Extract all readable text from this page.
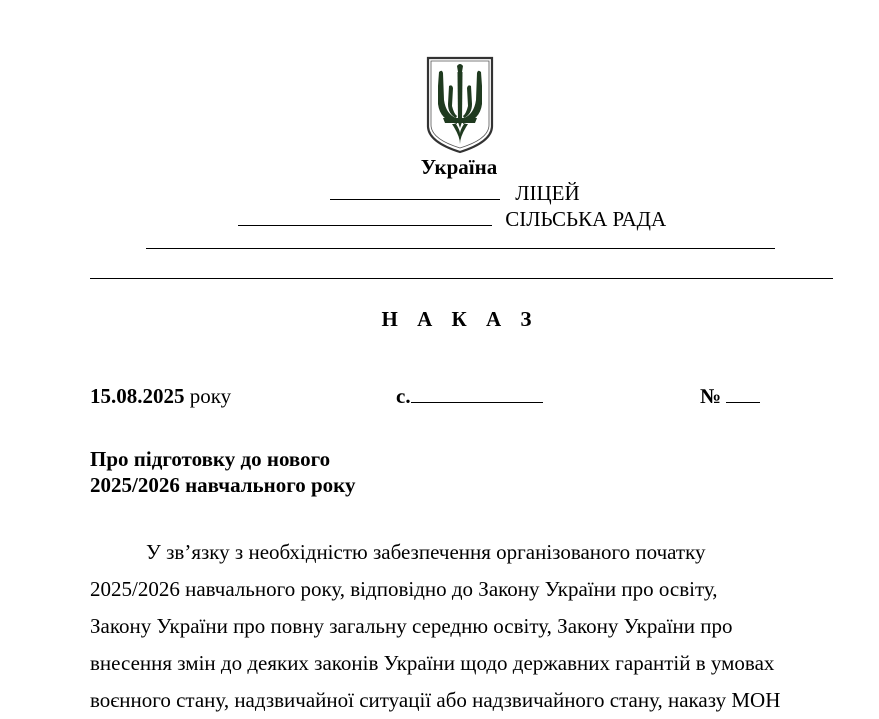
Україна
ЛІЦЕЙ
СІЛЬСЬКА РАДА
Н А К А З
15.08.2025 року	с.	№
Про підготовку до нового
2025/2026 навчального року
У зв’язку з необхідністю забезпечення організованого початку
2025/2026 навчального року, відповідно до Закону України про освіту,
Закону України про повну загальну середню освіту, Закону України про
внесення змін до деяких законів України щодо державних гарантій в умовах
воєнного стану, надзвичайної ситуації або надзвичайного стану, наказу МОН
